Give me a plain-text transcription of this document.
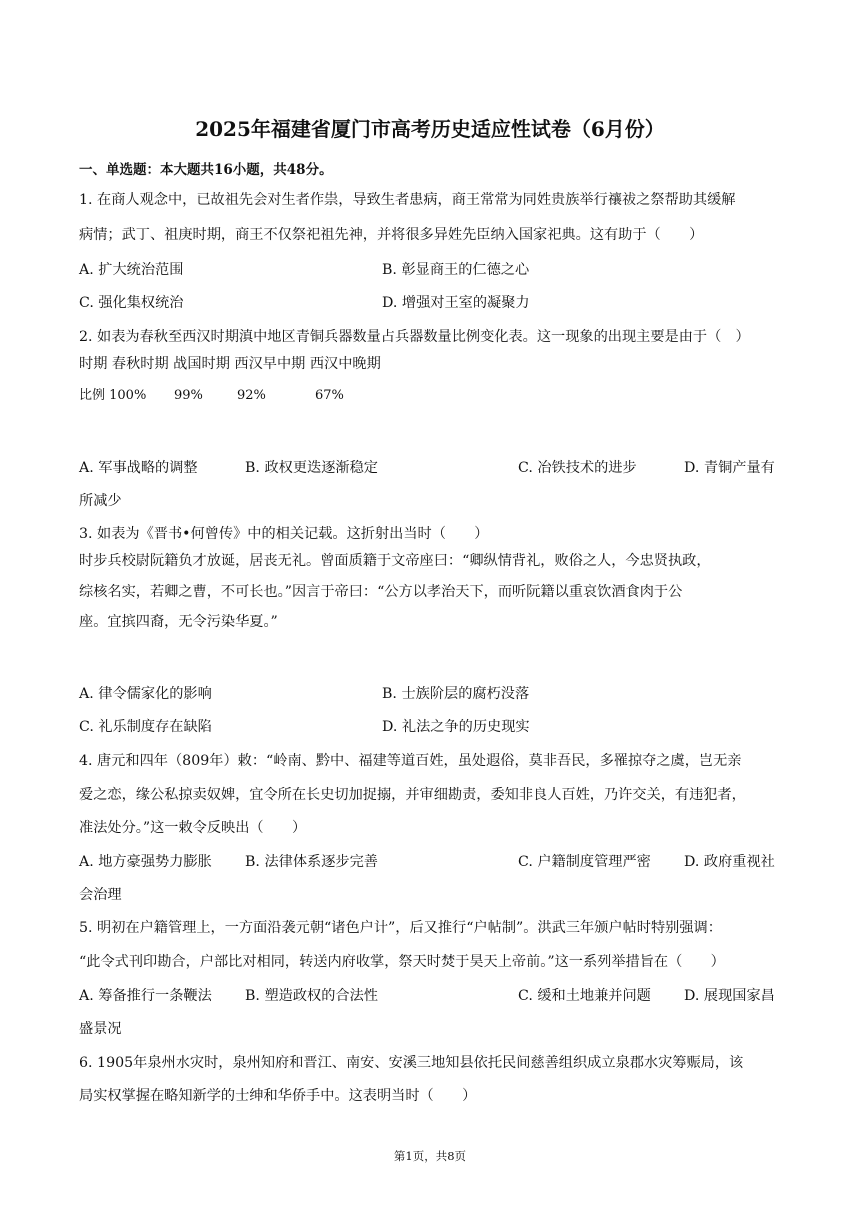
2025年福建省厦门市高考历史适应性试卷（6月份）
一、单选题：本大题共16小题，共48分。
1. 在商人观念中，已故祖先会对生者作祟，导致生者患病，商王常常为同姓贵族举行禳祓之祭帮助其缓解
病情；武丁、祖庚时期，商王不仅祭祀祖先神，并将很多异姓先臣纳入国家祀典。这有助于（　　）
A. 扩大统治范围	B. 彰显商王的仁德之心
C. 强化集权统治	D. 增强对王室的凝聚力
2. 如表为春秋至西汉时期滇中地区青铜兵器数量占兵器数量比例变化表。这一现象的出现主要是由于（　）
时期 春秋时期 战国时期 西汉早中期 西汉中晚期
比例 100% 99%	92%	67%
A. 军事战略的调整	B. 政权更迭逐渐稳定	C. 冶铁技术的进步	D. 青铜产量有
所减少
3. 如表为《晋书•何曾传》中的相关记载。这折射出当时（　　）
时步兵校尉阮籍负才放诞，居丧无礼。曾面质籍于文帝座曰：“卿纵情背礼，败俗之人，今忠贤执政，
综核名实，若卿之曹，不可长也。”因言于帝曰：“公方以孝治天下，而听阮籍以重哀饮酒食肉于公
座。宜摈四裔，无令污染华夏。”
A. 律令儒家化的影响	B. 士族阶层的腐朽没落
C. 礼乐制度存在缺陷	D. 礼法之争的历史现实
4. 唐元和四年（809年）敕：“岭南、黔中、福建等道百姓，虽处遐俗，莫非吾民，多罹掠夺之虞，岂无亲
爱之恋，缘公私掠卖奴婢，宜令所在长史切加捉搦，并审细勘责，委知非良人百姓，乃许交关，有违犯者，
准法处分。”这一敕令反映出（　　）
A. 地方豪强势力膨胀 B. 法律体系逐步完善	C. 户籍制度管理严密 D. 政府重视社
会治理
5. 明初在户籍管理上，一方面沿袭元朝“诸色户计”，后又推行“户帖制”。洪武三年颁户帖时特别强调：
“此令式刊印勘合，户部比对相同，转送内府收掌，祭天时焚于昊天上帝前。”这一系列举措旨在（　　）
A. 筹备推行一条鞭法 B. 塑造政权的合法性	C. 缓和土地兼并问题 D. 展现国家昌
盛景况
6. 1905年泉州水灾时，泉州知府和晋江、南安、安溪三地知县依托民间慈善组织成立泉郡水灾筹赈局，该
局实权掌握在略知新学的士绅和华侨手中。这表明当时（　　）
第1页，共8页
